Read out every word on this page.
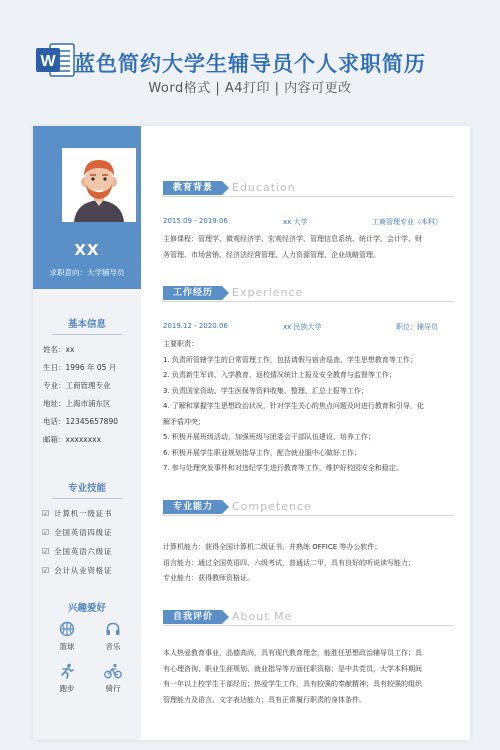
W 蓝色简约大学生辅导员个人求职简历
Word格式 | A4打印 | 内容可更改
XX
求职意向：大学辅导员
基本信息
姓名：xx
生日：1996 年 05 月
专业：工商管理专业
地址：上海市浦东区
电话：12345657890
邮箱：xxxxxxxx
专业技能
☑ 计算机一级证书
☑ 全国英语四级证
☑ 全国英语六级证
☑ 会计从业资格证
兴趣爱好
篮球	音乐
跑步	骑行
教育背景	Education
2015.09 - 2019.06	xx 大学	工商管理专业（本科）

主修课程：管理学、微观经济学、宏观经济学、管理信息系统、统计学、会计学、财

务管理、市场营销、经济法经营管理、人力资源管理、企业战略管理。

工作经历	Experience
2019.12 - 2020.06	xx 民族大学	职位：辅导员

主要职责：

1. 负责所管辖学生的日常管理工作，包括请假与宿舍巡查、学生思想教育等工作；

2. 负责新生军训、入学教育、返校情况统计上报及安全教育与监督等工作；

3. 负责国家资助、学生医保等资料收集、整理、汇总上报等工作；

4. 了解和掌握学生思想政治状况，针对学生关心的焦点问题及时进行教育和引导，化

解矛盾冲突；

5. 积极开展班级活动，加强班级与团委会干部队伍建设、培养工作；

6. 积极开展学生职业规划指导工作，配合就业服中心做好工作；

7. 参与处理突发事件和对违纪学生进行教育等工作，维护好校园安全和稳定。

专业能力	Competence

计算机能力：获得全国计算机二级证书，并熟练 OFFICE 等办公软件；

语言能力：通过全国英语四、六级考试，普通话二甲，具有良好的听说读写能力；

专业能力：获得教师资格证。

自我评价	About Me

本人热爱教育事业，品德高尚，具有现代教育理念，能胜任思想政治辅导员工作；具

有心理咨询、职业生涯规划、就业指导等方面任职资格；是中共党员，大学本科期间

有一年以上校学生干部经历；热爱学生工作，具有较强的奉献精神；具有较强的组织

管理能力及语言、文字表达能力；具有正常履行职责的身体条件。
